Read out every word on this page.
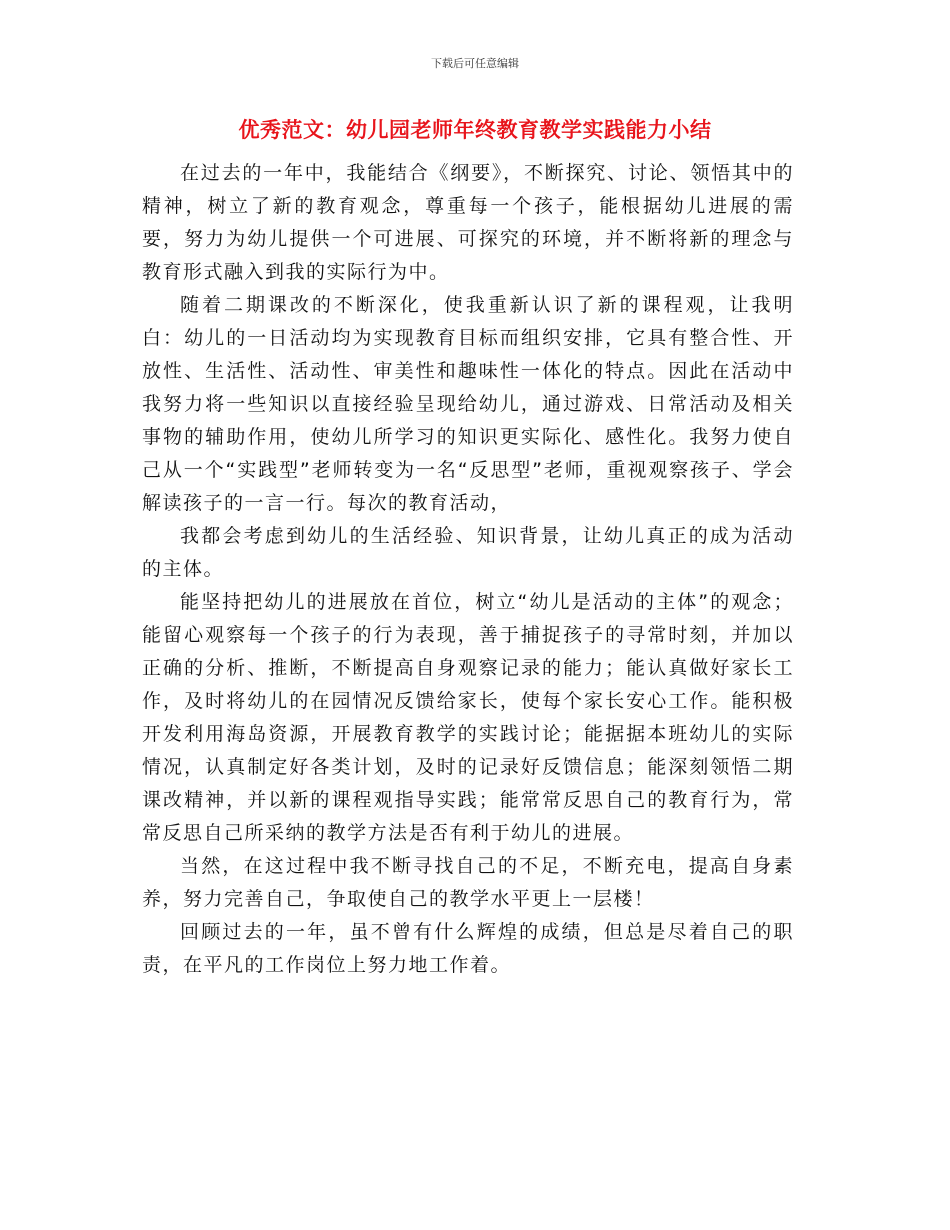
下载后可任意编辑
优秀范文：幼儿园老师年终教育教学实践能力小结

在过去的一年中，我能结合《纲要》，不断探究、讨论、领悟其中的精神，树立了新的教育观念，尊重每一个孩子，能根据幼儿进展的需要，努力为幼儿提供一个可进展、可探究的环境，并不断将新的理念与教育形式融入到我的实际行为中。

随着二期课改的不断深化，使我重新认识了新的课程观，让我明白：幼儿的一日活动均为实现教育目标而组织安排，它具有整合性、开放性、生活性、活动性、审美性和趣味性一体化的特点。因此在活动中我努力将一些知识以直接经验呈现给幼儿，通过游戏、日常活动及相关事物的辅助作用，使幼儿所学习的知识更实际化、感性化。我努力使自己从一个“实践型”老师转变为一名“反思型”老师，重视观察孩子、学会解读孩子的一言一行。每次的教育活动，

我都会考虑到幼儿的生活经验、知识背景，让幼儿真正的成为活动的主体。

能坚持把幼儿的进展放在首位，树立“幼儿是活动的主体”的观念；能留心观察每一个孩子的行为表现，善于捕捉孩子的寻常时刻，并加以正确的分析、推断，不断提高自身观察记录的能力；能认真做好家长工作，及时将幼儿的在园情况反馈给家长，使每个家长安心工作。能积极开发利用海岛资源，开展教育教学的实践讨论；能据据本班幼儿的实际情况，认真制定好各类计划，及时的记录好反馈信息；能深刻领悟二期课改精神，并以新的课程观指导实践；能常常反思自己的教育行为，常常反思自己所采纳的教学方法是否有利于幼儿的进展。

当然，在这过程中我不断寻找自己的不足，不断充电，提高自身素养，努力完善自己，争取使自己的教学水平更上一层楼！

回顾过去的一年，虽不曾有什么辉煌的成绩，但总是尽着自己的职责，在平凡的工作岗位上努力地工作着。
